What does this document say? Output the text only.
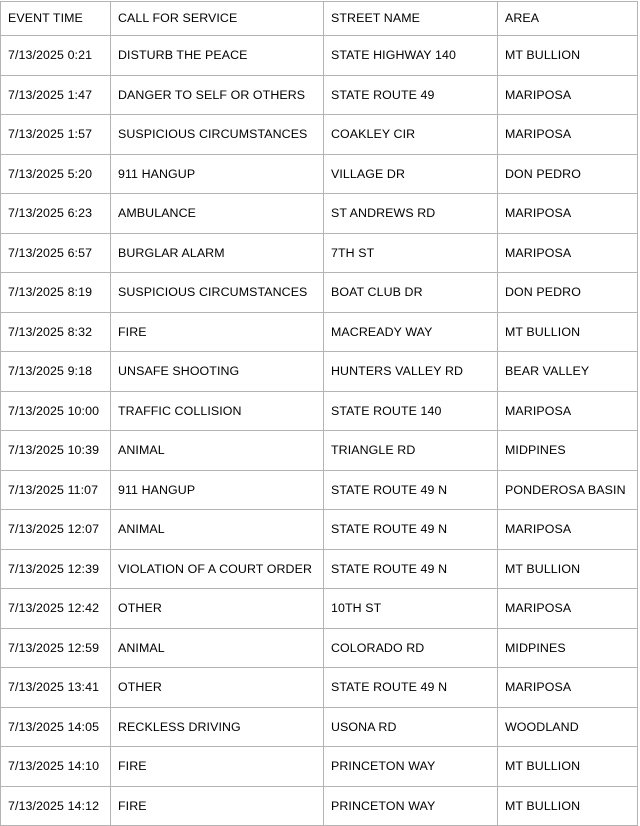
EVENT TIME	CALL FOR SERVICE	STREET NAME	AREA
7/13/2025 0:21	DISTURB THE PEACE	STATE HIGHWAY 140	MT BULLION
7/13/2025 1:47	DANGER TO SELF OR OTHERS	STATE ROUTE 49	MARIPOSA
7/13/2025 1:57	SUSPICIOUS CIRCUMSTANCES	COAKLEY CIR	MARIPOSA
7/13/2025 5:20	911 HANGUP	VILLAGE DR	DON PEDRO
7/13/2025 6:23	AMBULANCE	ST ANDREWS RD	MARIPOSA
7/13/2025 6:57	BURGLAR ALARM	7TH ST	MARIPOSA
7/13/2025 8:19	SUSPICIOUS CIRCUMSTANCES	BOAT CLUB DR	DON PEDRO
7/13/2025 8:32	FIRE	MACREADY WAY	MT BULLION
7/13/2025 9:18	UNSAFE SHOOTING	HUNTERS VALLEY RD	BEAR VALLEY
7/13/2025 10:00	TRAFFIC COLLISION	STATE ROUTE 140	MARIPOSA
7/13/2025 10:39	ANIMAL	TRIANGLE RD	MIDPINES
7/13/2025 11:07	911 HANGUP	STATE ROUTE 49 N	PONDEROSA BASIN
7/13/2025 12:07	ANIMAL	STATE ROUTE 49 N	MARIPOSA
7/13/2025 12:39	VIOLATION OF A COURT ORDER	STATE ROUTE 49 N	MT BULLION
7/13/2025 12:42	OTHER	10TH ST	MARIPOSA
7/13/2025 12:59	ANIMAL	COLORADO RD	MIDPINES
7/13/2025 13:41	OTHER	STATE ROUTE 49 N	MARIPOSA
7/13/2025 14:05	RECKLESS DRIVING	USONA RD	WOODLAND
7/13/2025 14:10	FIRE	PRINCETON WAY	MT BULLION
7/13/2025 14:12	FIRE	PRINCETON WAY	MT BULLION
